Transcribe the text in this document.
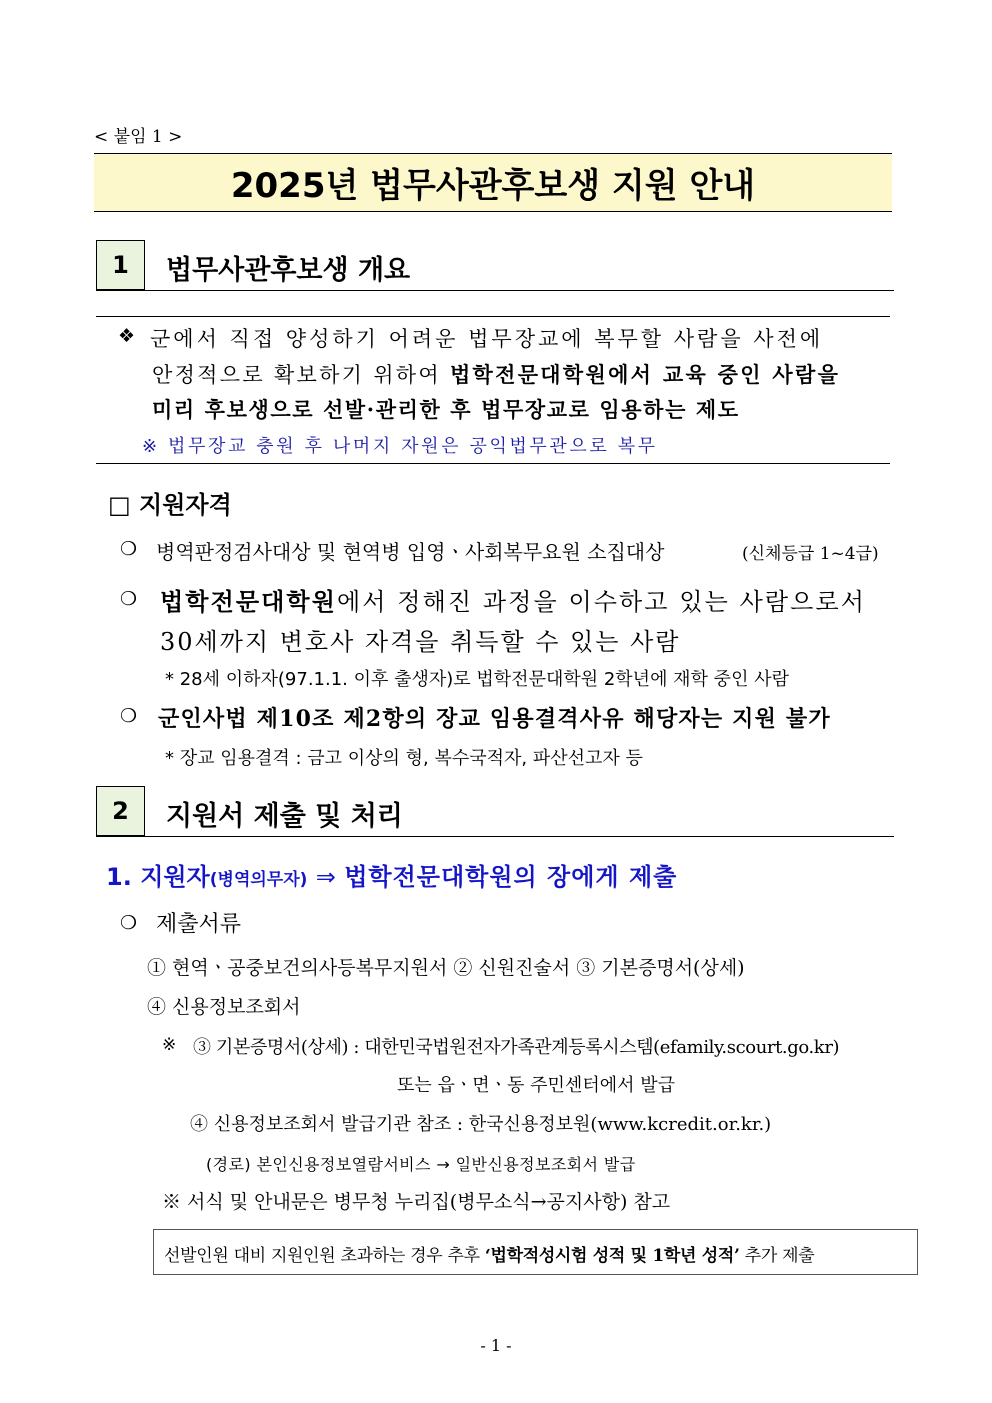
< 붙임 1 >
2025년 법무사관후보생 지원 안내
1	법무사관후보생 개요
❖ 군에서 직접 양성하기 어려운 법무장교에 복무할 사람을 사전에
안정적으로 확보하기 위하여 법학전문대학원에서 교육 중인 사람을
미리 후보생으로 선발·관리한 후 법무장교로 임용하는 제도
※ 법무장교 충원 후 나머지 자원은 공익법무관으로 복무
□ 지원자격
❍ 병역판정검사대상 및 현역병 입영ㆍ사회복무요원 소집대상	(신체등급 1~4급)
❍ 법학전문대학원에서 정해진 과정을 이수하고 있는 사람으로서
30세까지 변호사 자격을 취득할 수 있는 사람
* 28세 이하자(97.1.1. 이후 출생자)로 법학전문대학원 2학년에 재학 중인 사람
❍ 군인사법 제10조 제2항의 장교 임용결격사유 해당자는 지원 불가
* 장교 임용결격 : 금고 이상의 형, 복수국적자, 파산선고자 등
2	지원서 제출 및 처리
1. 지원자(병역의무자) ⇒ 법학전문대학원의 장에게 제출
❍ 제출서류
① 현역ㆍ공중보건의사등복무지원서 ② 신원진술서 ③ 기본증명서(상세)
④ 신용정보조회서
※ ③ 기본증명서(상세) : 대한민국법원전자가족관계등록시스템(efamily.scourt.go.kr)
또는 읍ㆍ면ㆍ동 주민센터에서 발급
④ 신용정보조회서 발급기관 참조 : 한국신용정보원(www.kcredit.or.kr.)
(경로) 본인신용정보열람서비스 → 일반신용정보조회서 발급
※ 서식 및 안내문은 병무청 누리집(병무소식→공지사항) 참고
선발인원 대비 지원인원 초과하는 경우 추후 ‘법학적성시험 성적 및 1학년 성적’ 추가 제출
- 1 -
